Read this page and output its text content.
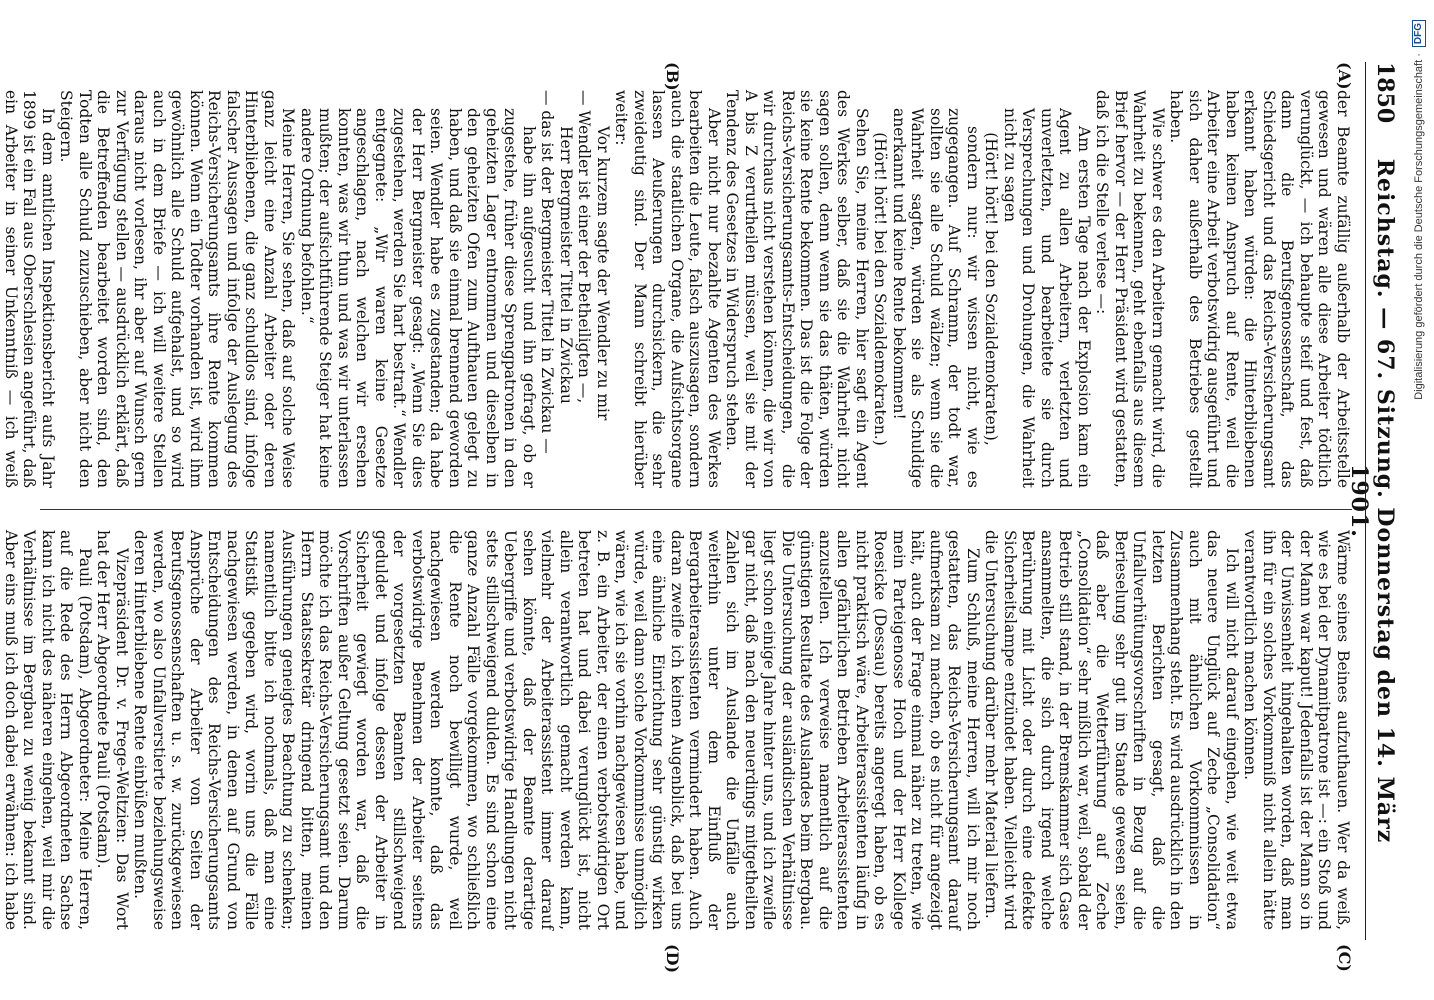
1850
Reichstag. — 67. Sitzung. Donnerstag den 14. März 1901.
(A)
(B)
(C)
(D)

der Beamte zufällig außerhalb der Arbeitsstelle gewesen und wären alle diese Arbeiter tödtlich verunglückt, — ich behaupte steif und fest, daß dann die Berufsgenossenschaft, das Schiedsgericht und das Reichs-Versicherungsamt erkannt haben würden: die Hinterbliebenen haben keinen Anspruch auf Rente, weil die Arbeiter eine Arbeit verbotswidrig ausgeführt und sich daher außerhalb des Betriebes gestellt haben.

Wie schwer es den Arbeitern gemacht wird, die Wahrheit zu bekennen, geht ebenfalls aus diesem Brief hervor — der Herr Präsident wird gestatten, daß ich die Stelle verlese —:

Am ersten Tage nach der Explosion kam ein Agent zu allen Arbeitern, verletzten und unverletzten, und bearbeitete sie durch Versprechungen und Drohungen, die Wahrheit nicht zu sagen

(Hört! hört! bei den Sozialdemokraten),

sondern nur: wir wissen nicht, wie es zugegangen. Auf Schramm, der todt war, sollten sie alle Schuld wälzen; wenn sie die Wahrheit sagten, würden sie als Schuldige anerkannt und keine Rente bekommen!

(Hört! hört! bei den Sozialdemokraten.)

Sehen Sie, meine Herren, hier sagt ein Agent des Werkes selber, daß sie die Wahrheit nicht sagen sollen, denn wenn sie das thäten, würden sie keine Rente bekommen. Das ist die Folge der Reichs-Versicherungsamts-Entscheidungen, die wir durchaus nicht verstehen können, die wir von A bis Z verurtheilen müssen, weil sie mit der Tendenz des Gesetzes in Widerspruch stehen.

Aber nicht nur bezahlte Agenten des Werkes bearbeiten die Leute, falsch auszusagen, sondern auch die staatlichen Organe, die Aufsichtsorgane lassen Aeußerungen durchsickern, die sehr zweideutig sind. Der Mann schreibt hierüber weiter:

Vor kurzem sagte der Wendler zu mir

— Wendler ist einer der Betheiligten —,

Herr Bergmeister Tittel in Zwickau

— das ist der Bergmeister Tittel in Zwickau —

habe ihn aufgesucht und ihn gefragt, ob er zugestehe, früher diese Sprengpatronen in den geheizten Lager entnommen und dieselben in den geheizten Ofen zum Aufthauen gelegt zu haben, und daß sie einmal brennend geworden seien. Wendler habe es zugestanden; da habe der Herr Bergmeister gesagt: „Wenn Sie dies zugestehen, werden Sie hart bestraft.“ Wendler entgegnete: „Wir waren keine Gesetze angeschlagen, nach welchen wir ersehen konnten, was wir thun und was wir unterlassen mußten; der aufsichtführende Steiger hat keine andere Ordnung befohlen.“

Meine Herren, Sie sehen, daß auf solche Weise ganz leicht eine Anzahl Arbeiter oder deren Hinterbliebenen, die ganz schuldlos sind, infolge falscher Aussagen und infolge der Auslegung des Reichs-Versicherungsamts ihre Rente kommen können. Wenn ein Todter vorhanden ist, wird ihm gewöhnlich alle Schuld aufgehalst, und so wird auch in dem Briefe — ich will weitere Stellen daraus nicht vorlesen, ihr aber auf Wunsch gern zur Verfügung stellen — ausdrücklich erklärt, daß die Betreffenden bearbeitet worden sind, den Todten alle Schuld zuzuschieben, aber nicht den Steigern.

In dem amtlichen Inspektionsbericht aufs Jahr 1899 ist ein Fall aus Oberschlesien angeführt, daß ein Arbeiter in seiner Unkenntniß — ich weiß

Wärme seines Beines aufzuthauen. Wer da weiß, wie es bei der Dynamitpatrone ist —: ein Stoß und der Mann war kaput! Jedenfalls ist der Mann so in der Unwissenheit hingehalten worden, daß man ihn für ein solches Vorkommniß nicht allein hätte verantwortlich machen können.

Ich will nicht darauf eingehen, wie weit etwa das neuere Unglück auf Zeche „Consolidation“ auch mit ähnlichen Vorkommnissen in Zusammenhang steht. Es wird ausdrücklich in den letzten Berichten gesagt, daß die Unfallverhütungsvorschriften in Bezug auf die Berieselung sehr gut im Stande gewesen seien, daß aber die Wetterführung auf Zeche „Consolidation“ sehr mißlich war, weil, sobald der Betrieb still stand, in der Bremskammer sich Gase ansammelten, die sich durch irgend welche Berührung mit Licht oder durch eine defekte Sicherheitslampe entzündet haben. Vielleicht wird die Untersuchung darüber mehr Material liefern.

Zum Schluß, meine Herren, will ich mir noch gestatten, das Reichs-Versicherungsamt darauf aufmerksam zu machen, ob es nicht für angezeigt hält, auch der Frage einmal näher zu treten, wie mein Parteigenosse Hoch und der Herr Kollege Roesicke (Dessau) bereits angeregt haben, ob es nicht praktisch wäre, Arbeiterassistenten läufig in allen gefährlichen Betrieben Arbeiterassistenten anzustellen. Ich verweise namentlich auf die günstigen Resultate des Auslandes beim Bergbau. Die Untersuchung der ausländischen Verhältnisse liegt schon einige Jahre hinter uns, und ich zweifle gar nicht, daß nach den neuerdings mitgetheilten Zahlen sich im Auslande die Unfälle auch weiterhin unter dem Einfluß der Bergarbeiterassistenten vermindert haben. Auch daran zweifle ich keinen Augenblick, daß bei uns eine ähnliche Einrichtung sehr günstig wirken würde, weil dann solche Vorkommnisse unmöglich wären, wie ich sie vorhin nachgewiesen habe, und z. B. ein Arbeiter, der einen verbotswidrigen Ort betreten hat und dabei verunglückt ist, nicht allein verantwortlich gemacht werden kann, vielmehr der Arbeiterassistent immer darauf sehen könnte, daß der Beamte derartige Uebergriffe und verbotswidrige Handlungen nicht stets stillschweigend dulden. Es sind schon eine ganze Anzahl Fälle vorgekommen, wo schließlich die Rente noch bewilligt wurde, weil nachgewiesen werden konnte, daß das verbotswidrige Benehmen der Arbeiter seitens der vorgesetzten Beamten stillschweigend geduldet und infolge dessen der Arbeiter in Sicherheit gewiegt worden war, daß die Vorschriften außer Geltung gesetzt seien. Darum möchte ich das Reichs-Versicherungsamt und den Herrn Staatssekretär dringend bitten, meinen Ausführungen geneigtes Beachtung zu schenken; namentlich bitte ich nochmals, daß man eine Statistik gegeben wird, worin uns die Fälle nachgewiesen werden, in denen auf Grund von Entscheidungen des Reichs-Versicherungsamts Ansprüche der Arbeiter von Seiten der Berufsgenossenschaften u. s. w. zurückgewiesen werden, wo also Unfallverstierte beziehungsweise deren Hinterbliebene Rente einbüßen mußten.

Vizepräsident Dr. v. Frege-Weltzien: Das Wort hat der Herr Abgeordnete Pauli (Potsdam).

Pauli (Potsdam), Abgeordneter: Meine Herren, auf die Rede des Herrn Abgeordneten Sachse kann ich nicht des näheren eingehen, weil mir die Verhältnisse im Bergbau zu wenig bekannt sind. Aber eins muß ich doch dabei erwähnen: ich habe

Digitalisierung gefördert durch die Deutsche Forschungsgemeinschaft ·
DFG
